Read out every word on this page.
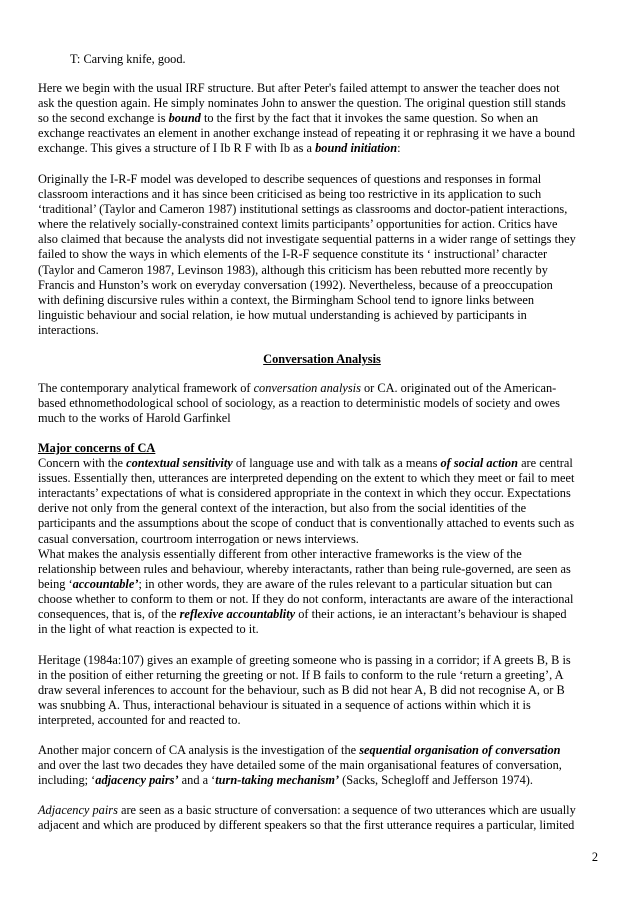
T: Carving knife, good.
Here we begin with the usual IRF structure. But after Peter's failed attempt to answer the teacher does not
ask the question again. He simply nominates John to answer the question. The original question still stands
so the second exchange is bound to the first by the fact that it invokes the same question. So when an
exchange reactivates an element in another exchange instead of repeating it or rephrasing it we have a bound
exchange. This gives a structure of I Ib R F with Ib as a bound initiation:
Originally the I-R-F model was developed to describe sequences of questions and responses in formal
classroom interactions and it has since been criticised as being too restrictive in its application to such
‘traditional’ (Taylor and Cameron 1987) institutional settings as classrooms and doctor-patient interactions,
where the relatively socially-constrained context limits participants’ opportunities for action. Critics have
also claimed that because the analysts did not investigate sequential patterns in a wider range of settings they
failed to show the ways in which elements of the I-R-F sequence constitute its ‘ instructional’ character
(Taylor and Cameron 1987, Levinson 1983), although this criticism has been rebutted more recently by
Francis and Hunston’s work on everyday conversation (1992). Nevertheless, because of a preoccupation
with defining discursive rules within a context, the Birmingham School tend to ignore links between
linguistic behaviour and social relation, ie how mutual understanding is achieved by participants in
interactions.
Conversation Analysis
The contemporary analytical framework of conversation analysis or CA. originated out of the American-
based ethnomethodological school of sociology, as a reaction to deterministic models of society and owes
much to the works of Harold Garfinkel
Major concerns of CA
Concern with the contextual sensitivity of language use and with talk as a means of social action are central
issues. Essentially then, utterances are interpreted depending on the extent to which they meet or fail to meet
interactants’ expectations of what is considered appropriate in the context in which they occur. Expectations
derive not only from the general context of the interaction, but also from the social identities of the
participants and the assumptions about the scope of conduct that is conventionally attached to events such as
casual conversation, courtroom interrogation or news interviews.
What makes the analysis essentially different from other interactive frameworks is the view of the
relationship between rules and behaviour, whereby interactants, rather than being rule-governed, are seen as
being ‘accountable’; in other words, they are aware of the rules relevant to a particular situation but can
choose whether to conform to them or not. If they do not conform, interactants are aware of the interactional
consequences, that is, of the reflexive accountablity of their actions, ie an interactant’s behaviour is shaped
in the light of what reaction is expected to it.
Heritage (1984a:107) gives an example of greeting someone who is passing in a corridor; if A greets B, B is
in the position of either returning the greeting or not. If B fails to conform to the rule ‘return a greeting’, A
draw several inferences to account for the behaviour, such as B did not hear A, B did not recognise A, or B
was snubbing A. Thus, interactional behaviour is situated in a sequence of actions within which it is
interpreted, accounted for and reacted to.
Another major concern of CA analysis is the investigation of the sequential organisation of conversation
and over the last two decades they have detailed some of the main organisational features of conversation,
including; ‘adjacency pairs’ and a ‘turn-taking mechanism’ (Sacks, Schegloff and Jefferson 1974).
Adjacency pairs are seen as a basic structure of conversation: a sequence of two utterances which are usually
adjacent and which are produced by different speakers so that the first utterance requires a particular, limited
2
